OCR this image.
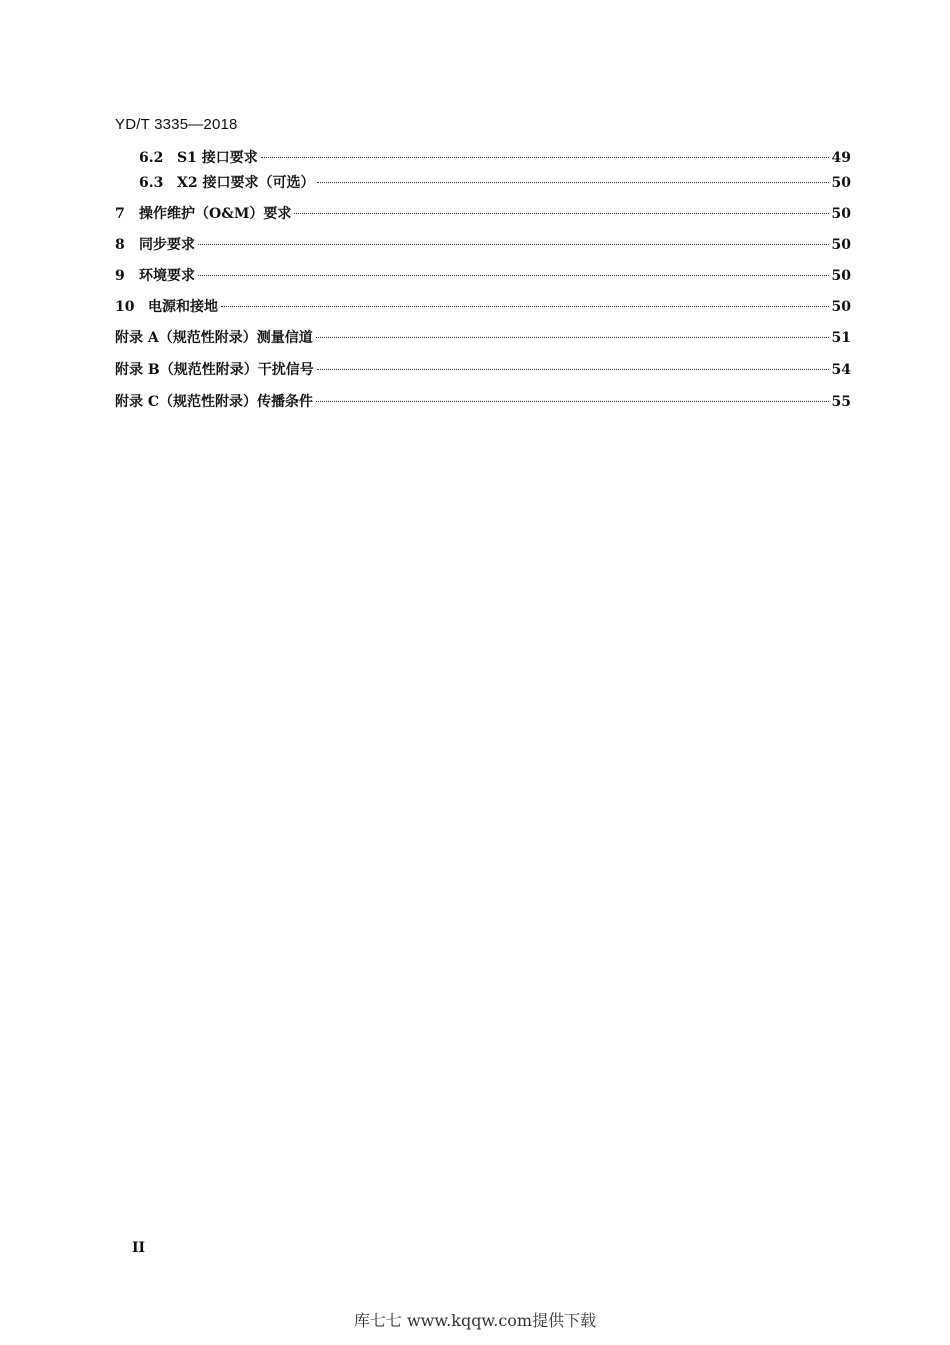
YD/T 3335—2018
6.2 S1 接口要求	49
6.3 X2 接口要求（可选）	50
7	操作维护（O&M）要求	50
8	同步要求	50
9	环境要求	50
10 电源和接地	50
附录 A（规范性附录）测量信道	51
附录 B（规范性附录）干扰信号	54
附录 C（规范性附录）传播条件	55
II
库七七 www.kqqw.com提供下载
